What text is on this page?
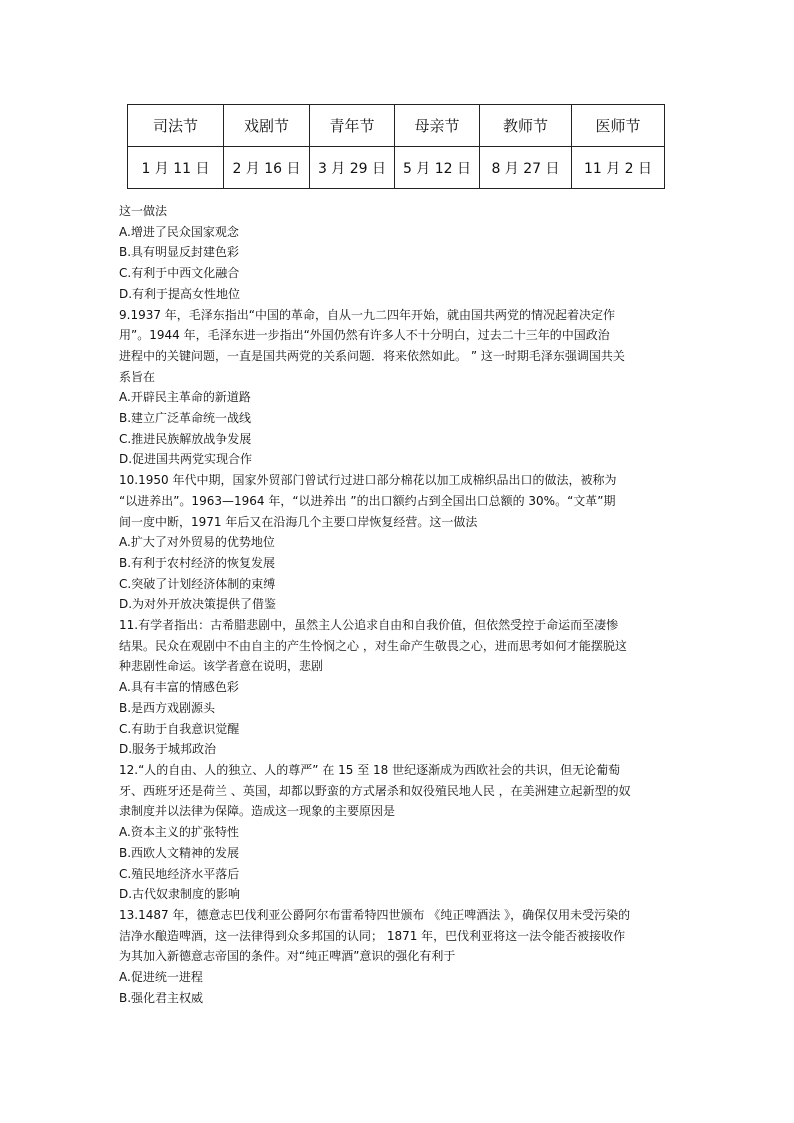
司法节	戏剧节	青年节	母亲节	教师节	医师节
1 月 11 日	2 月 16 日	3 月 29 日	5 月 12 日	8 月 27 日	11 月 2 日
这一做法
A.增进了民众国家观念
B.具有明显反封建色彩
C.有利于中西文化融合
D.有利于提高女性地位
9.1937 年，毛泽东指出“中国的革命，自从一九二四年开始，就由国共两党的情况起着决定作
用”。1944 年，毛泽东进一步指出“外国仍然有许多人不十分明白，过去二十三年的中国政治
进程中的关键问题，一直是国共两党的关系问题．将来依然如此。 ” 这一时期毛泽东强调国共关
系旨在
A.开辟民主革命的新道路
B.建立广泛革命统一战线
C.推进民族解放战争发展
D.促进国共两党实现合作
10.1950 年代中期，国家外贸部门曾试行过进口部分棉花以加工成棉织品出口的做法，被称为
“以进养出”。1963—1964 年，“以进养出 ”的出口额约占到全国出口总额的 30%。“文革”期
间一度中断，1971 年后又在沿海几个主要口岸恢复经营。这一做法
A.扩大了对外贸易的优势地位
B.有利于农村经济的恢复发展
C.突破了计划经济体制的束缚
D.为对外开放决策提供了借鉴
11.有学者指出：古希腊悲剧中，虽然主人公追求自由和自我价值，但依然受控于命运而至凄惨
结果。民众在观剧中不由自主的产生怜悯之心 ，对生命产生敬畏之心，进而思考如何才能摆脱这
种悲剧性命运。该学者意在说明，悲剧
A.具有丰富的情感色彩
B.是西方戏剧源头
C.有助于自我意识觉醒
D.服务于城邦政治
12.“人的自由、人的独立、人的尊严” 在 15 至 18 世纪逐渐成为西欧社会的共识，但无论葡萄
牙、西班牙还是荷兰 、英国，却都以野蛮的方式屠杀和奴役殖民地人民 ，在美洲建立起新型的奴
隶制度并以法律为保障。造成这一现象的主要原因是
A.资本主义的扩张特性
B.西欧人文精神的发展
C.殖民地经济水平落后
D.古代奴隶制度的影响
13.1487 年，德意志巴伐利亚公爵阿尔布雷希特四世颁布 《纯正啤酒法 》，确保仅用未受污染的
洁净水酿造啤酒，这一法律得到众多邦国的认同； 1871 年，巴伐利亚将这一法令能否被接收作
为其加入新德意志帝国的条件。对“纯正啤酒”意识的强化有利于
A.促进统一进程
B.强化君主权威
